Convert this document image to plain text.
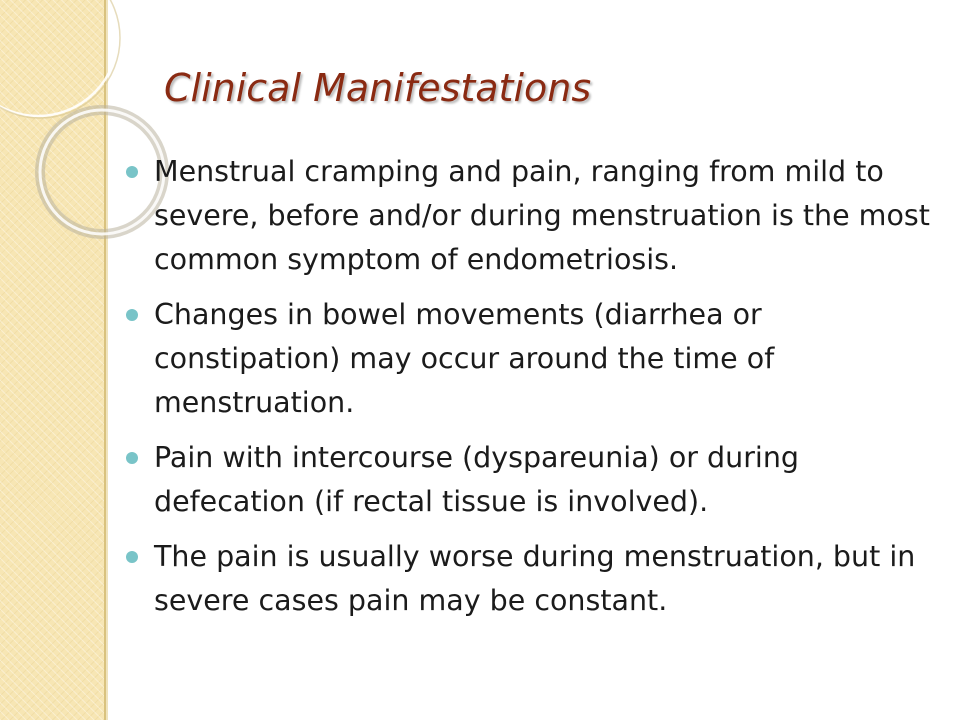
Clinical Manifestations
Menstrual cramping and pain, ranging from mild to severe, before and/or during menstruation is the most common symptom of endometriosis.
Changes in bowel movements (diarrhea or constipation) may occur around the time of menstruation.
Pain with intercourse (dyspareunia) or during defecation (if rectal tissue is involved).
The pain is usually worse during menstruation, but in severe cases pain may be constant.
